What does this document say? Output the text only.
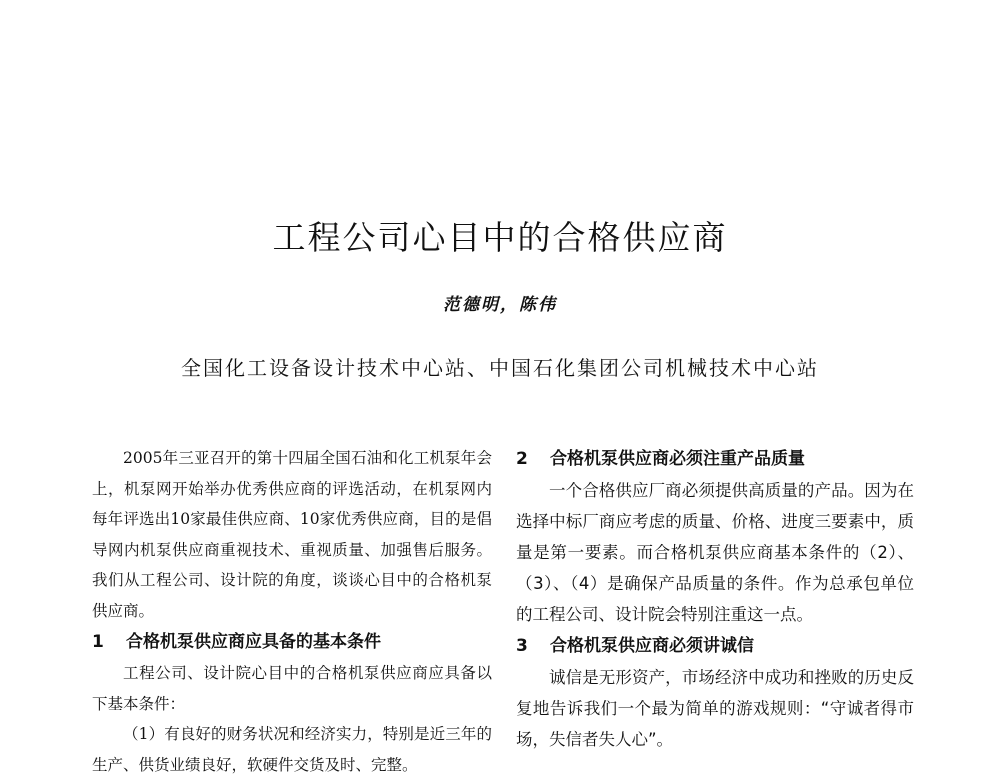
工程公司心目中的合格供应商
范德明，陈伟
全国化工设备设计技术中心站、中国石化集团公司机械技术中心站

2005年三亚召开的第十四届全国石油和化工机泵年会上，机泵网开始举办优秀供应商的评选活动，在机泵网内每年评选出10家最佳供应商、10家优秀供应商，目的是倡导网内机泵供应商重视技术、重视质量、加强售后服务。我们从工程公司、设计院的角度，谈谈心目中的合格机泵供应商。

1 合格机泵供应商应具备的基本条件

工程公司、设计院心目中的合格机泵供应商应具备以下基本条件：

（1）有良好的财务状况和经济实力，特别是近三年的生产、供货业绩良好，软硬件交货及时、完整。

2 合格机泵供应商必须注重产品质量

一个合格供应厂商必须提供高质量的产品。因为在选择中标厂商应考虑的质量、价格、进度三要素中，质量是第一要素。而合格机泵供应商基本条件的（2）、（3）、（4）是确保产品质量的条件。作为总承包单位的工程公司、设计院会特别注重这一点。

3 合格机泵供应商必须讲诚信

诚信是无形资产，市场经济中成功和挫败的历史反复地告诉我们一个最为简单的游戏规则：“守诚者得市场，失信者失人心”。
